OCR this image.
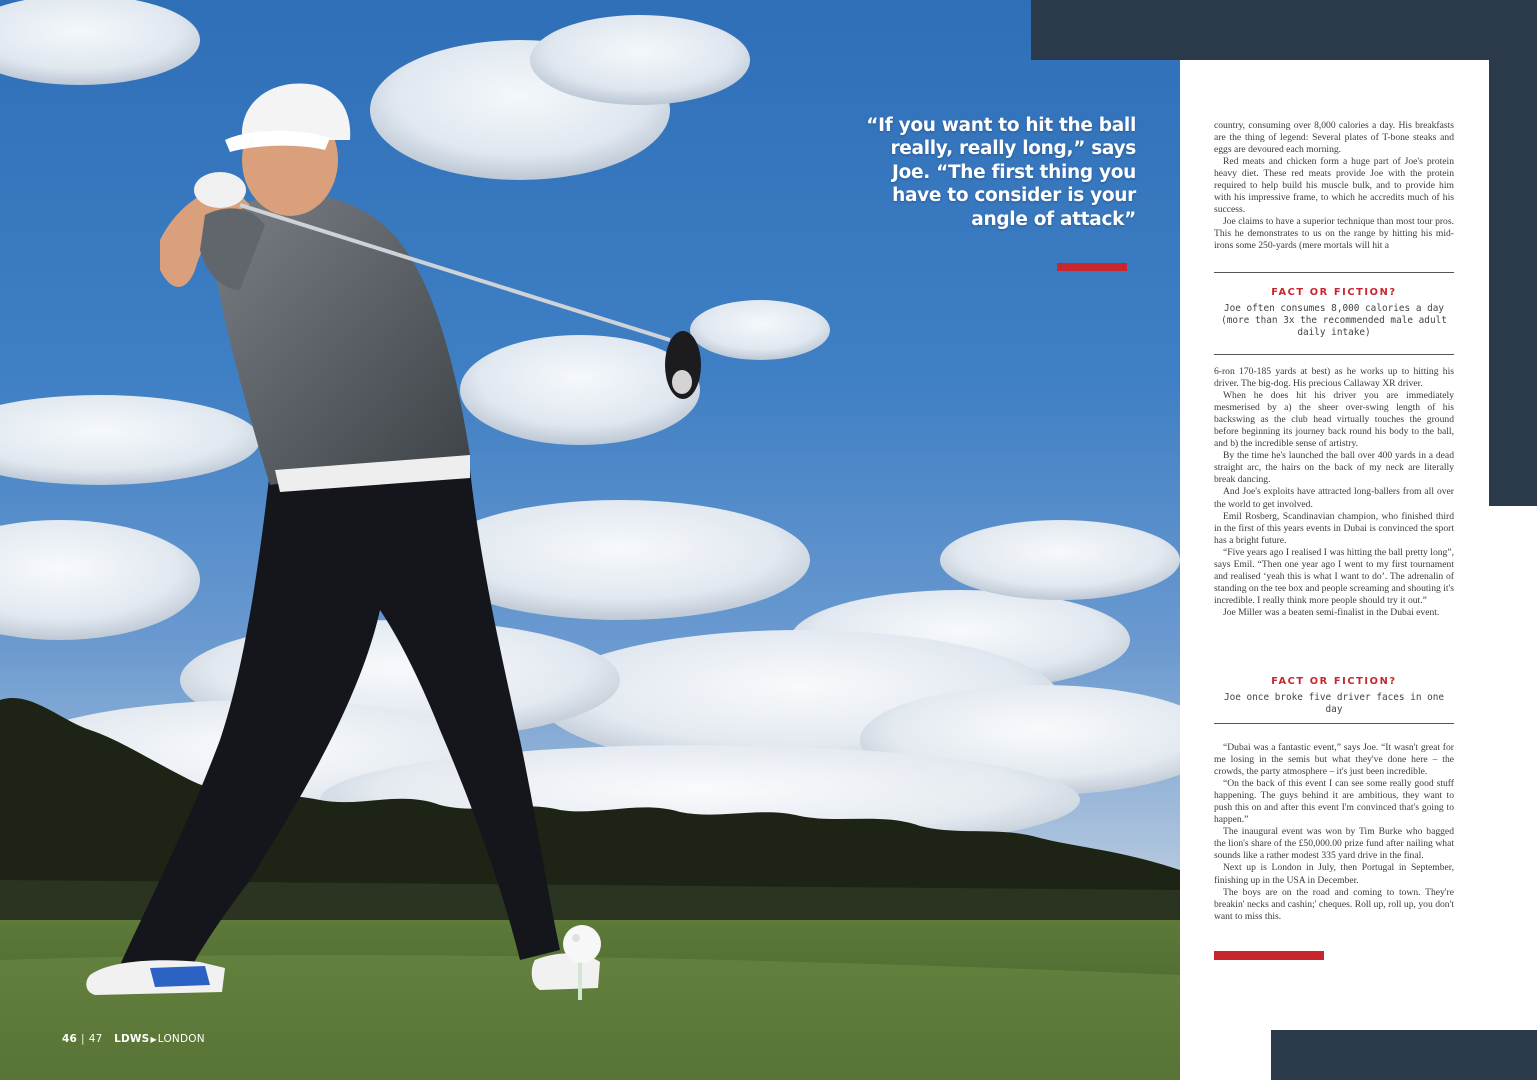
“If you want to hit the ball really, really long,” says Joe. “The first thing you have to consider is your angle of attack”
46 | 47 LDWS▶LONDON

country, consuming over 8,000 calories a day. His breakfasts are the thing of legend: Several plates of T-bone steaks and eggs are devoured each morning.

Red meats and chicken form a huge part of Joe's protein heavy diet. These red meats provide Joe with the protein required to help build his muscle bulk, and to provide him with his impressive frame, to which he accredits much of his success.

Joe claims to have a superior technique than most tour pros. This he demonstrates to us on the range by hitting his mid-irons some 250-yards (mere mortals will hit a

FACT OR FICTION?
Joe often consumes 8,000 calories a day (more than 3x the recommended male adult daily intake)

6-ron 170-185 yards at best) as he works up to hitting his driver. The big-dog. His precious Callaway XR driver.

When he does hit his driver you are immediately mesmerised by a) the sheer over-swing length of his backswing as the club head virtually touches the ground before beginning its journey back round his body to the ball, and b) the incredible sense of artistry.

By the time he's launched the ball over 400 yards in a dead straight arc, the hairs on the back of my neck are literally break dancing.

And Joe's exploits have attracted long-ballers from all over the world to get involved.

Emil Rosberg, Scandinavian champion, who finished third in the first of this years events in Dubai is convinced the sport has a bright future.

“Five years ago I realised I was hitting the ball pretty long”, says Emil. “Then one year ago I went to my first tournament and realised ‘yeah this is what I want to do’. The adrenalin of standing on the tee box and people screaming and shouting it's incredible. I really think more people should try it out.”

Joe Miller was a beaten semi-finalist in the Dubai event.

FACT OR FICTION?
Joe once broke five driver faces in one day

“Dubai was a fantastic event,” says Joe. “It wasn't great for me losing in the semis but what they've done here – the crowds, the party atmosphere – it's just been incredible.

“On the back of this event I can see some really good stuff happening. The guys behind it are ambitious, they want to push this on and after this event I'm convinced that's going to happen.”

The inaugural event was won by Tim Burke who bagged the lion's share of the £50,000.00 prize fund after nailing what sounds like a rather modest 335 yard drive in the final.

Next up is London in July, then Portugal in September, finishing up in the USA in December.

The boys are on the road and coming to town. They're breakin' necks and cashin;' cheques. Roll up, roll up, you don't want to miss this.
